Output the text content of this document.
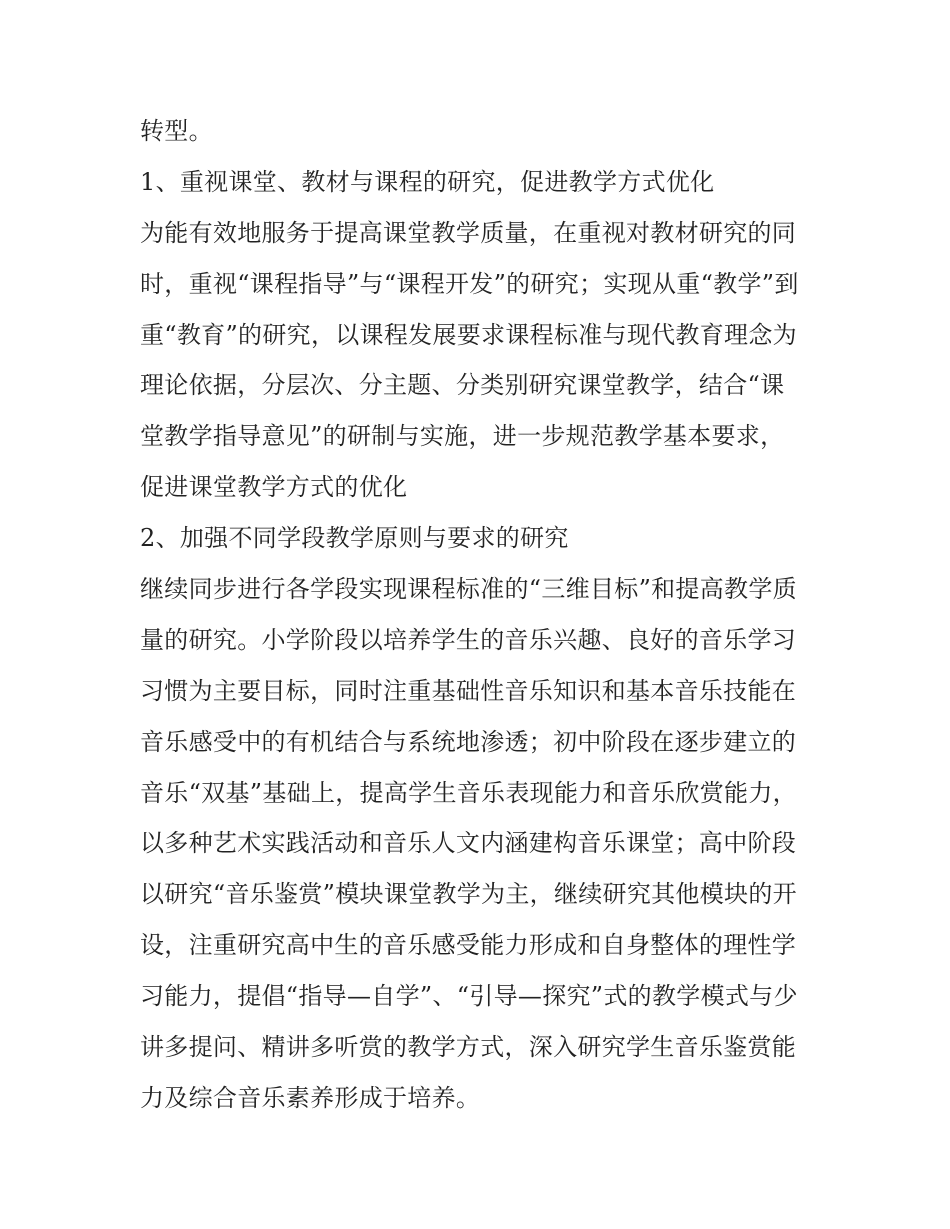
转型。
1、重视课堂、教材与课程的研究，促进教学方式优化
为能有效地服务于提高课堂教学质量，在重视对教材研究的同
时，重视“课程指导”与“课程开发”的研究；实现从重“教学”到
重“教育”的研究，以课程发展要求课程标准与现代教育理念为
理论依据，分层次、分主题、分类别研究课堂教学，结合“课
堂教学指导意见”的研制与实施，进一步规范教学基本要求，
促进课堂教学方式的优化
2、加强不同学段教学原则与要求的研究
继续同步进行各学段实现课程标准的“三维目标”和提高教学质
量的研究。小学阶段以培养学生的音乐兴趣、良好的音乐学习
习惯为主要目标，同时注重基础性音乐知识和基本音乐技能在
音乐感受中的有机结合与系统地渗透；初中阶段在逐步建立的
音乐“双基”基础上，提高学生音乐表现能力和音乐欣赏能力，
以多种艺术实践活动和音乐人文内涵建构音乐课堂；高中阶段
以研究“音乐鉴赏”模块课堂教学为主，继续研究其他模块的开
设，注重研究高中生的音乐感受能力形成和自身整体的理性学
习能力，提倡“指导—自学”、“引导—探究”式的教学模式与少
讲多提问、精讲多听赏的教学方式，深入研究学生音乐鉴赏能
力及综合音乐素养形成于培养。
